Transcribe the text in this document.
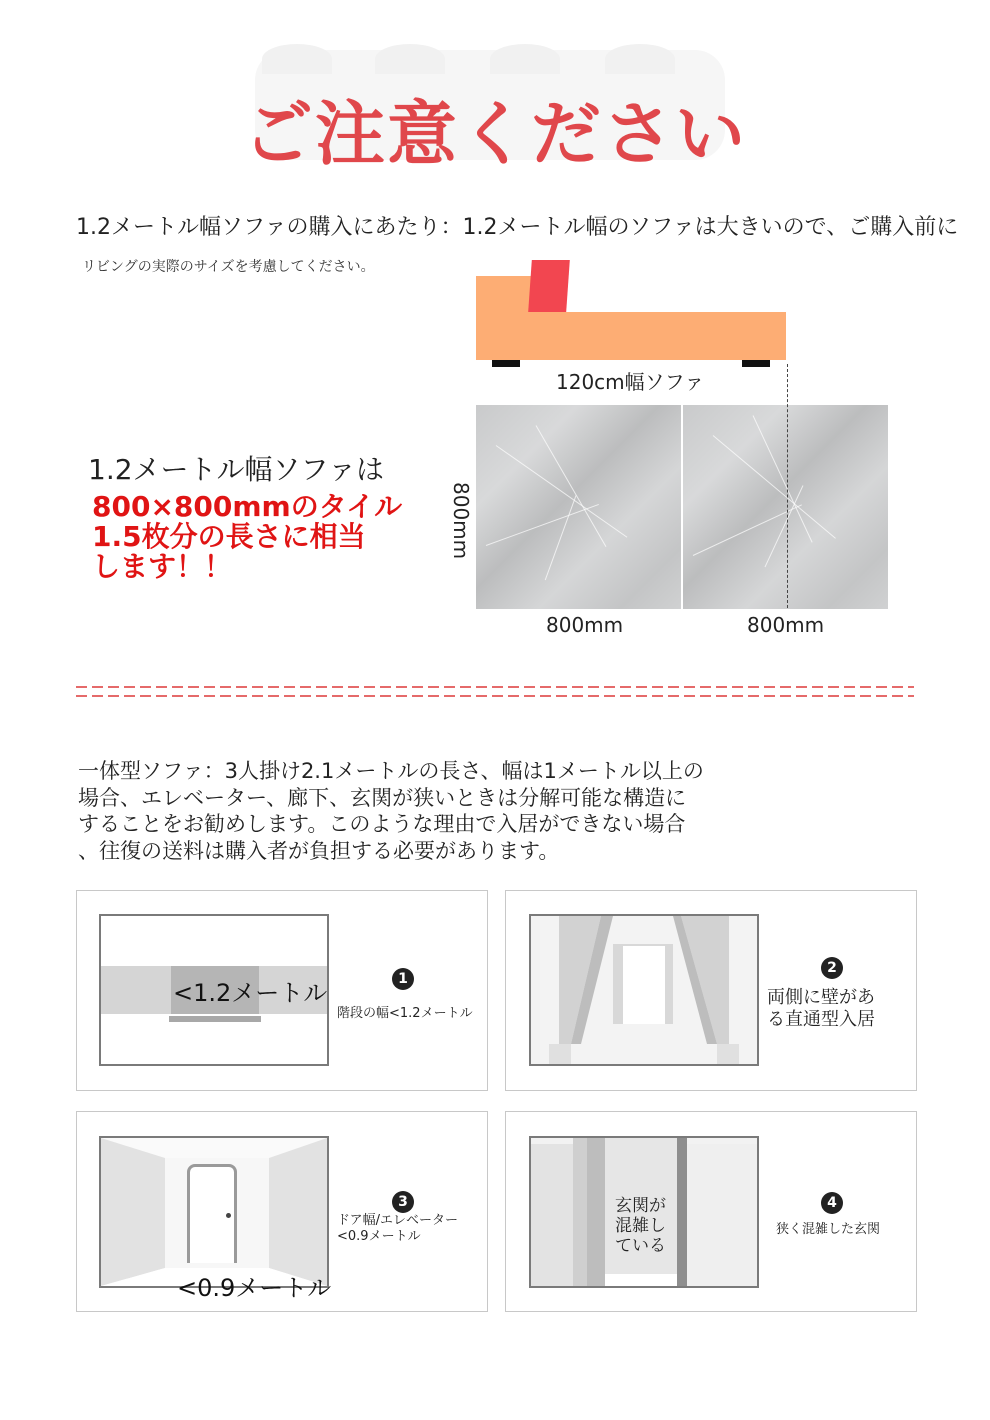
ご注意ください
1.2メートル幅ソファの購入にあたり：1.2メートル幅のソファは大きいので、ご購入前に
リビングの実際のサイズを考慮してください。
120cm幅ソファ
800mm
800mm	800mm
1.2メートル幅ソファは
800×800mmのタイル
1.5枚分の長さに相当
します！！
一体型ソファ：3人掛け2.1メートルの長さ、幅は1メートル以上の
場合、エレベーター、廊下、玄関が狭いときは分解可能な構造に
することをお勧めします。このような理由で入居ができない場合
、往復の送料は購入者が負担する必要があります。
<1.2メートル	1
階段の幅<1.2メートル
2
両側に壁があ
る直通型入居
<0.9メートル
3
ドア幅/エレベーター
<0.9メートル
玄関が
混雑し
ている
4
狭く混雑した玄関
